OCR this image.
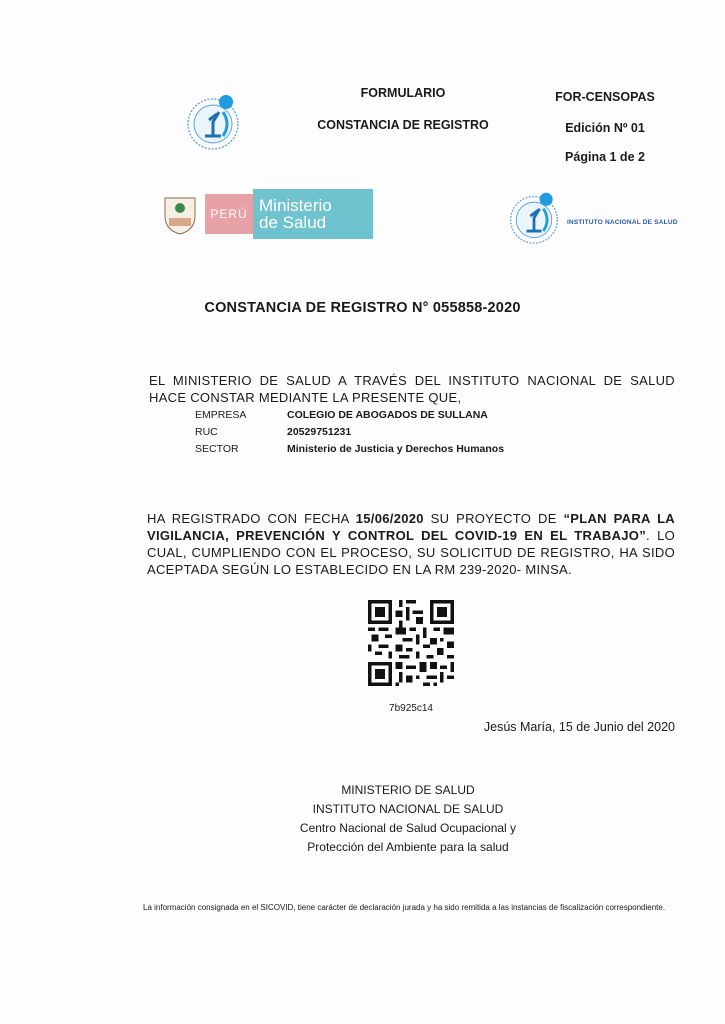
FORMULARIO
CONSTANCIA DE REGISTRO
FOR-CENSOPAS
Edición Nº 01
Página 1 de 2
PERÚ Ministerio
de Salud	INSTITUTO NACIONAL DE SALUD
CONSTANCIA DE REGISTRO N° 055858-2020
EL MINISTERIO DE SALUD A TRAVÉS DEL INSTITUTO NACIONAL DE SALUD HACE CONSTAR MEDIANTE LA PRESENTE QUE,
EMPRESA	COLEGIO DE ABOGADOS DE SULLANA
RUC	20529751231
SECTOR	Ministerio de Justicia y Derechos Humanos
HA REGISTRADO CON FECHA 15/06/2020 SU PROYECTO DE “PLAN PARA LA VIGILANCIA, PREVENCIÓN Y CONTROL DEL COVID-19 EN EL TRABAJO”. LO CUAL, CUMPLIENDO CON EL PROCESO, SU SOLICITUD DE REGISTRO, HA SIDO ACEPTADA SEGÚN LO ESTABLECIDO EN LA RM 239-2020- MINSA.
7b925c14
Jesús María, 15 de Junio del 2020
MINISTERIO DE SALUD
INSTITUTO NACIONAL DE SALUD
Centro Nacional de Salud Ocupacional y
Protección del Ambiente para la salud
La información consignada en el SICOVID, tiene carácter de declaración jurada y ha sido remitida a las instancias de fiscalización correspondiente.
